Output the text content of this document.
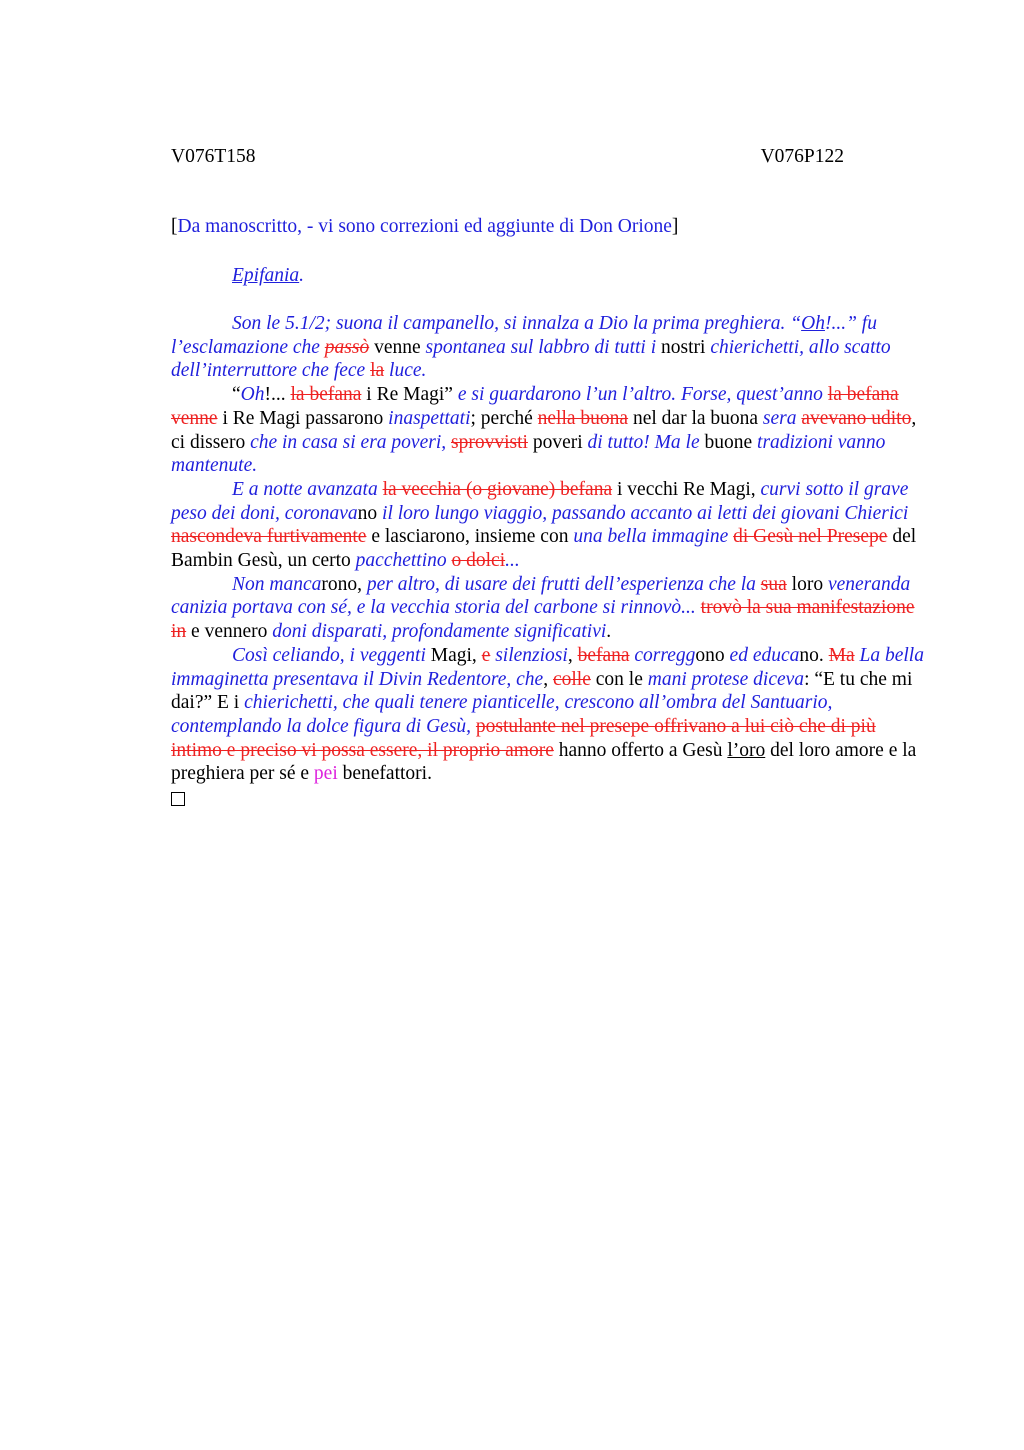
V076T158	V076P122
[Da manoscritto, - vi sono correzioni ed aggiunte di Don Orione]
Epifania.

Son le 5.1/2; suona il campanello, si innalza a Dio la prima preghiera. “Oh!...” fu l’esclamazione che passò venne spontanea sul labbro di tutti i nostri chierichetti, allo scatto dell’interruttore che fece la luce.

“Oh!... la befana i Re Magi” e si guardarono l’un l’altro. Forse, quest’anno la befana venne i Re Magi passarono inaspettati; perché nella buona nel dar la buona sera avevano udito, ci dissero che in casa si era poveri, sprovvisti poveri di tutto! Ma le buone tradizioni vanno mantenute.

E a notte avanzata la vecchia (o giovane) befana i vecchi Re Magi, curvi sotto il grave peso dei doni, coronavano il loro lungo viaggio, passando accanto ai letti dei giovani Chierici nascondeva furtivamente e lasciarono, insieme con una bella immagine di Gesù nel Presepe del Bambin Gesù, un certo pacchettino o dolci...

Non mancarono, per altro, di usare dei frutti dell’esperienza che la sua loro veneranda canizia portava con sé, e la vecchia storia del carbone si rinnovò... trovò la sua manifestazione in e vennero doni disparati, profondamente significativi.

Così celiando, i veggenti Magi, e silenziosi, befana correggono ed educano. Ma La bella immaginetta presentava il Divin Redentore, che, colle con le mani protese diceva: “E tu che mi dai?” E i chierichetti, che quali tenere pianticelle, crescono all’ombra del Santuario, contemplando la dolce figura di Gesù, postulante nel presepe offrivano a lui ciò che di più intimo e preciso vi possa essere, il proprio amore hanno offerto a Gesù l’oro del loro amore e la preghiera per sé e pei benefattori.
